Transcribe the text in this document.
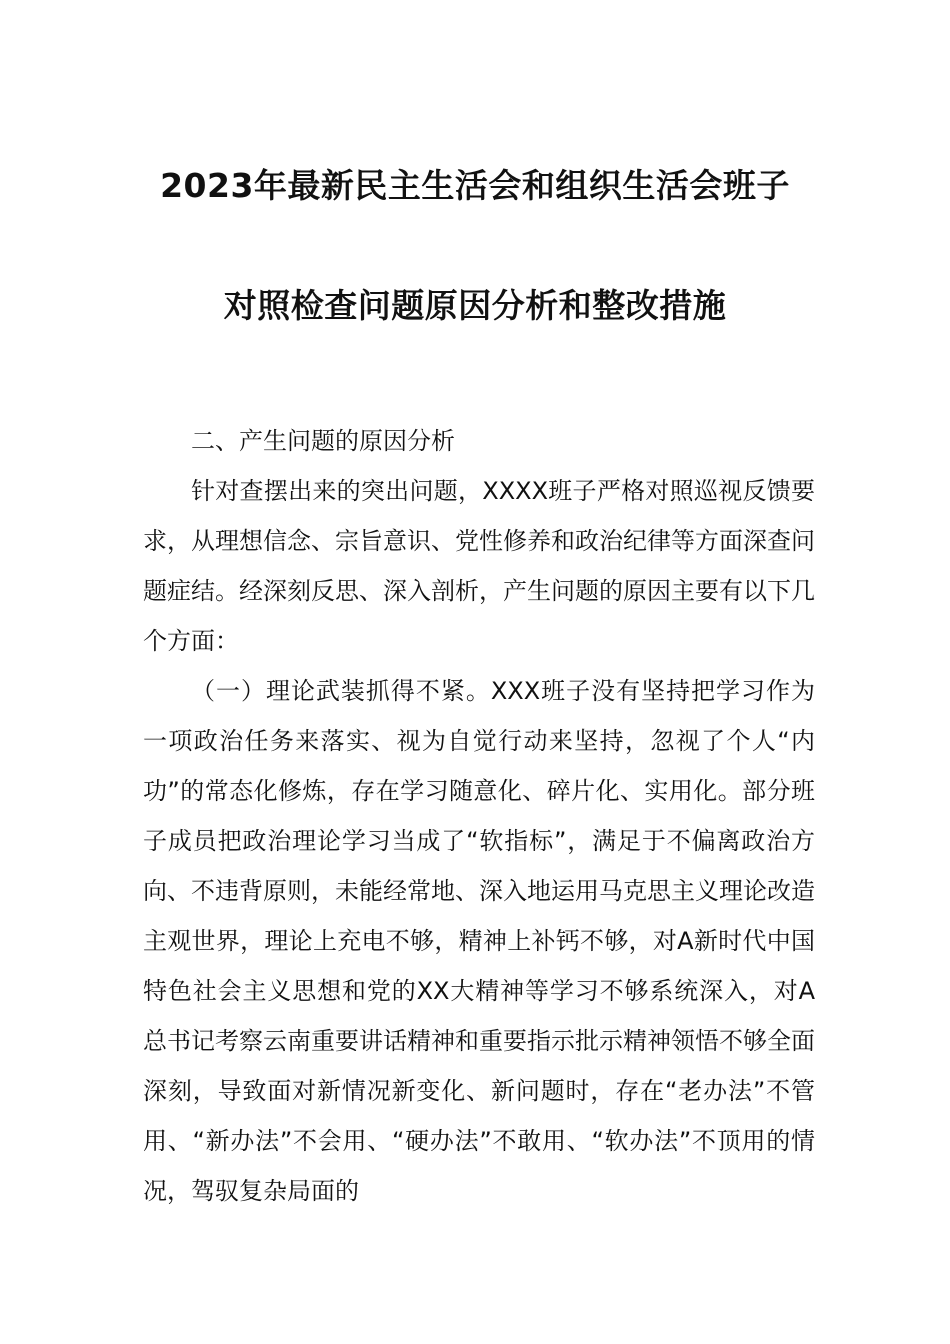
2023年最新民主生活会和组织生活会班子
对照检查问题原因分析和整改措施

二、产生问题的原因分析

针对查摆出来的突出问题，XXXX班子严格对照巡视反馈要求，从理想信念、宗旨意识、党性修养和政治纪律等方面深查问题症结。经深刻反思、深入剖析，产生问题的原因主要有以下几个方面：

（一）理论武装抓得不紧。XXX班子没有坚持把学习作为一项政治任务来落实、视为自觉行动来坚持，忽视了个人“内功”的常态化修炼，存在学习随意化、碎片化、实用化。部分班子成员把政治理论学习当成了“软指标”，满足于不偏离政治方向、不违背原则，未能经常地、深入地运用马克思主义理论改造主观世界，理论上充电不够，精神上补钙不够，对A新时代中国特色社会主义思想和党的XX大精神等学习不够系统深入，对A总书记考察云南重要讲话精神和重要指示批示精神领悟不够全面深刻，导致面对新情况新变化、新问题时，存在“老办法”不管用、“新办法”不会用、“硬办法”不敢用、“软办法”不顶用的情况，驾驭复杂局面的
